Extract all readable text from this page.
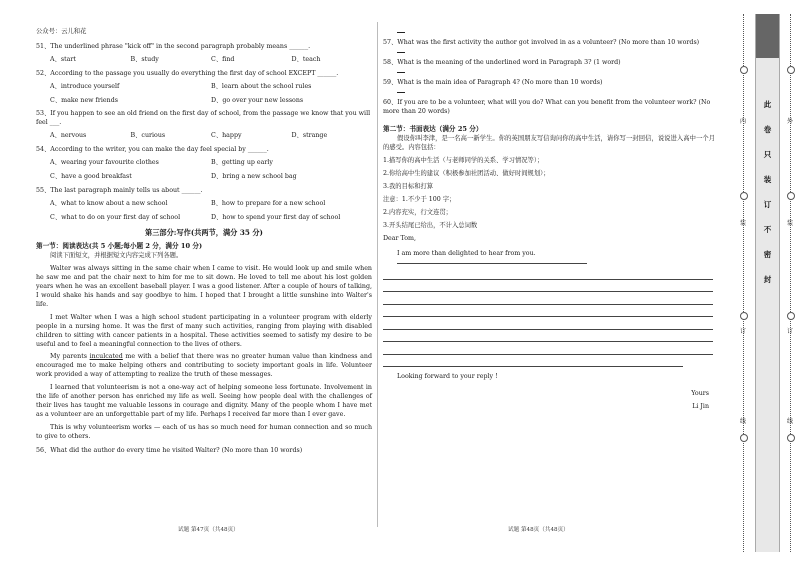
公众号：云儿和花

51、The underlined phrase "kick off" in the second paragraph probably means ______.

A、start	B、study	C、find	D、teach

52、According to the passage you usually do everything the first day of school EXCEPT ______.

A、introduce yourself	B、learn about the school rules
C、make new friends	D、go over your new lessons

53、If you happen to see an old friend on the first day of school, from the passage we know that you will feel ___.

A、nervous	B、curious	C、happy	D、strange

54、According to the writer, you can make the day feel special by ______.

A、wearing your favourite clothes	B、getting up early
C、have a good breakfast	D、bring a new school bag

55、The last paragraph mainly tells us about ______.

A、what to know about a new school	B、how to prepare for a new school
C、what to do on your first day of school	D、how to spend your first day of school
第三部分:写作(共两节，满分 35 分)
第一节：阅读表达(共 5 小题;每小题 2 分，满分 10 分)

阅读下面短文，并根据短文内容完成下列各题。

Walter was always sitting in the same chair when I came to visit. He would look up and smile when he saw me and pat the chair next to him for me to sit down. He loved to tell me about his lost golden years when he was an excellent baseball player. I was a good listener. After a couple of hours of talking, I would shake his hands and say goodbye to him. I hoped that I brought a little sunshine into Walter's life.

I met Walter when I was a high school student participating in a volunteer program with elderly people in a nursing home. It was the first of many such activities, ranging from playing with disabled children to sitting with cancer patients in a hospital. These activities seemed to satisfy my desire to be useful and to feel a meaningful connection to the lives of others.

My parents inculcated me with a belief that there was no greater human value than kindness and encouraged me to make helping others and contributing to society important goals in life. Volunteer work provided a way of attempting to realize the truth of these messages.

I learned that volunteerism is not a one-way act of helping someone less fortunate. Involvement in the life of another person has enriched my life as well. Seeing how people deal with the challenges of their lives has taught me valuable lessons in courage and dignity. Many of the people whom I have met as a volunteer are an unforgettable part of my life. Perhaps I received far more than I ever gave.

This is why volunteerism works — each of us has so much need for human connection and so much to give to others.

56、What did the author do every time he visited Walter? (No more than 10 words)

57、What was the first activity the author got involved in as a volunteer? (No more than 10 words)

58、What is the meaning of the underlined word in Paragraph 3? (1 word)

59、What is the main idea of Paragraph 4? (No more than 10 words)

60、If you are to be a volunteer, what will you do? What can you benefit from the volunteer work? (No more than 20 words)

第二节：书面表达（满分 25 分）

假设你叫李津，是一名高一新学生。你的英国朋友写信询问你的高中生活，请你写一封回信，说说进入高中一个月的感受。内容包括：

1.描写你的高中生活（与老师同学的关系、学习情况等）；

2.你给高中生的建议（积极参加社团活动、做好时间规划）；

3.我的目标和打算

注意：1.不少于 100 字；

2.内容充实，行文连贯；

3.开头结尾已给出，不计入总词数

Dear Tom,

I am more than delighted to hear from you.

Looking forward to your reply !

Yours

Li Jin

试题 第47页（共48页）	试题 第48页（共48页）
此
卷
只
装
订
不
密
封
内
装
订
线
外
装
订
线
